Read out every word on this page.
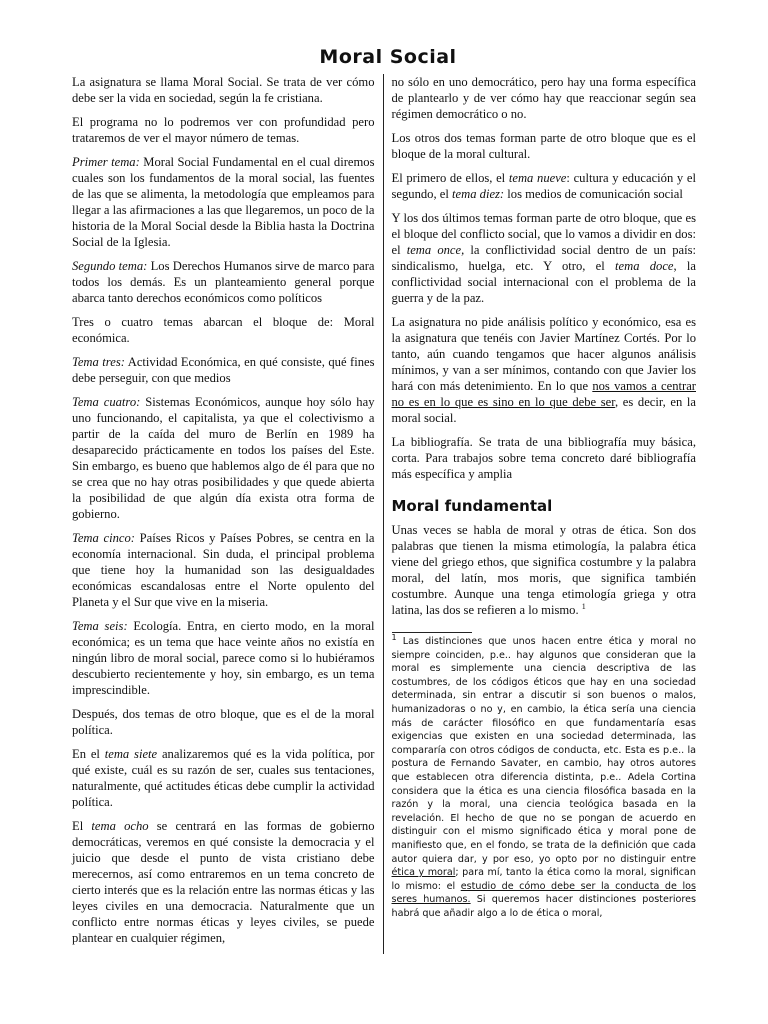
Moral Social

La asignatura se llama Moral Social. Se trata de ver cómo debe ser la vida en sociedad, según la fe cristiana.

El programa no lo podremos ver con profundidad pero trataremos de ver el mayor número de temas.

Primer tema: Moral Social Fundamental en el cual diremos cuales son los fundamentos de la moral social, las fuentes de las que se alimenta, la metodología que empleamos para llegar a las afirmaciones a las que llegaremos, un poco de la historia de la Moral Social desde la Biblia hasta la Doctrina Social de la Iglesia.

Segundo tema: Los Derechos Humanos sirve de marco para todos los demás. Es un planteamiento general porque abarca tanto derechos económicos como políticos

Tres o cuatro temas abarcan el bloque de: Moral económica.

Tema tres: Actividad Económica, en qué consiste, qué fines debe perseguir, con que medios

Tema cuatro: Sistemas Económicos, aunque hoy sólo hay uno funcionando, el capitalista, ya que el colectivismo a partir de la caída del muro de Berlín en 1989 ha desaparecido prácticamente en todos los países del Este. Sin embargo, es bueno que hablemos algo de él para que no se crea que no hay otras posibilidades y que quede abierta la posibilidad de que algún día exista otra forma de gobierno.

Tema cinco: Países Ricos y Países Pobres, se centra en la economía internacional. Sin duda, el principal problema que tiene hoy la humanidad son las desigualdades económicas escandalosas entre el Norte opulento del Planeta y el Sur que vive en la miseria.

Tema seis: Ecología. Entra, en cierto modo, en la moral económica; es un tema que hace veinte años no existía en ningún libro de moral social, parece como si lo hubiéramos descubierto recientemente y hoy, sin embargo, es un tema imprescindible.

Después, dos temas de otro bloque, que es el de la moral política.

En el tema siete analizaremos qué es la vida política, por qué existe, cuál es su razón de ser, cuales sus tentaciones, naturalmente, qué actitudes éticas debe cumplir la actividad política.

El tema ocho se centrará en las formas de gobierno democráticas, veremos en qué consiste la democracia y el juicio que desde el punto de vista cristiano debe merecernos, así como entraremos en un tema concreto de cierto interés que es la relación entre las normas éticas y las leyes civiles en una democracia. Naturalmente que un conflicto entre normas éticas y leyes civiles, se puede plantear en cualquier régimen,

no sólo en uno democrático, pero hay una forma específica de plantearlo y de ver cómo hay que reaccionar según sea régimen democrático o no.

Los otros dos temas forman parte de otro bloque que es el bloque de la moral cultural.

El primero de ellos, el tema nueve: cultura y educación y el segundo, el tema diez: los medios de comunicación social

Y los dos últimos temas forman parte de otro bloque, que es el bloque del conflicto social, que lo vamos a dividir en dos: el tema once, la conflictividad social dentro de un país: sindicalismo, huelga, etc. Y otro, el tema doce, la conflictividad social internacional con el problema de la guerra y de la paz.

La asignatura no pide análisis político y económico, esa es la asignatura que tenéis con Javier Martínez Cortés. Por lo tanto, aún cuando tengamos que hacer algunos análisis mínimos, y van a ser mínimos, contando con que Javier los hará con más detenimiento. En lo que nos vamos a centrar no es en lo que es sino en lo que debe ser, es decir, en la moral social.

La bibliografía. Se trata de una bibliografía muy básica, corta. Para trabajos sobre tema concreto daré bibliografía más específica y amplia

Moral fundamental

Unas veces se habla de moral y otras de ética. Son dos palabras que tienen la misma etimología, la palabra ética viene del griego ethos, que significa costumbre y la palabra moral, del latín, mos moris, que significa también costumbre. Aunque una tenga etimología griega y otra latina, las dos se refieren a lo mismo. $^1$

$^1$ Las distinciones que unos hacen entre ética y moral no siempre coinciden, p.e.. hay algunos que consideran que la moral es simplemente una ciencia descriptiva de las costumbres, de los códigos éticos que hay en una sociedad determinada, sin entrar a discutir si son buenos o malos, humanizadoras o no y, en cambio, la ética sería una ciencia más de carácter filosófico en que fundamentaría esas exigencias que existen en una sociedad determinada, las compararía con otros códigos de conducta, etc. Esta es p.e.. la postura de Fernando Savater, en cambio, hay otros autores que establecen otra diferencia distinta, p.e.. Adela Cortina considera que la ética es una ciencia filosófica basada en la razón y la moral, una ciencia teológica basada en la revelación. El hecho de que no se pongan de acuerdo en distinguir con el mismo significado ética y moral pone de manifiesto que, en el fondo, se trata de la definición que cada autor quiera dar, y por eso, yo opto por no distinguir entre ética y moral; para mí, tanto la ética como la moral, significan lo mismo: el estudio de cómo debe ser la conducta de los seres humanos. Si queremos hacer distinciones posteriores habrá que añadir algo a lo de ética o moral,
